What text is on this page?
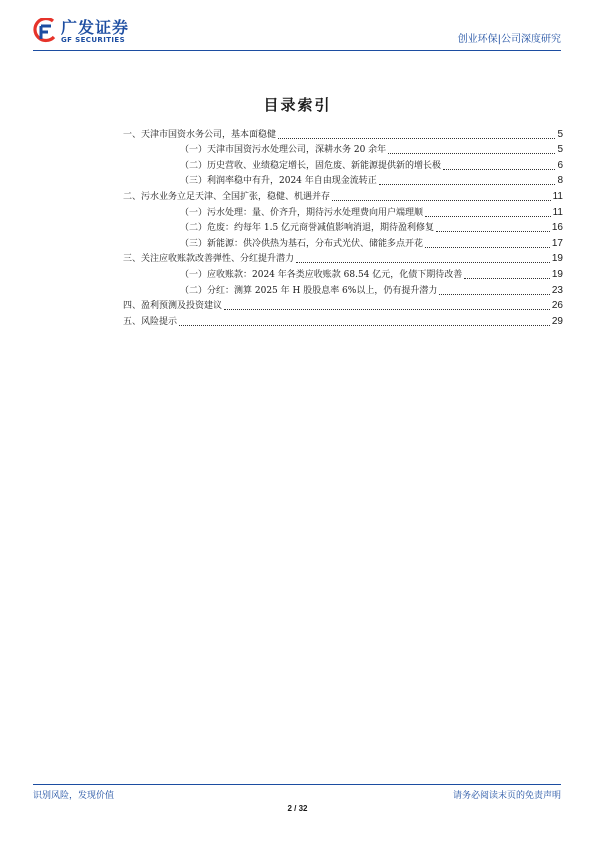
广发证券
GF SECURITIES	创业环保|公司深度研究
目录索引
一、天津市国资水务公司，基本面稳健	5
（一）天津市国资污水处理公司，深耕水务 20 余年	5
（二）历史营收、业绩稳定增长，固危废、新能源提供新的增长极	6
（三）利润率稳中有升，2024 年自由现金流转正	8
二、污水业务立足天津、全国扩张，稳健、机遇并存	11
（一）污水处理：量、价齐升，期待污水处理费向用户端理顺	11
（二）危废：约每年 1.5 亿元商誉减值影响消退，期待盈利修复	16
（三）新能源：供冷供热为基石，分布式光伏、储能多点开花	17
三、关注应收账款改善弹性、分红提升潜力	19
（一）应收账款：2024 年各类应收账款 68.54 亿元，化债下期待改善	19
（二）分红：测算 2025 年 H 股股息率 6%以上，仍有提升潜力	23
四、盈利预测及投资建议	26
五、风险提示	29
识别风险，发现价值	请务必阅读末页的免责声明
2 / 32
